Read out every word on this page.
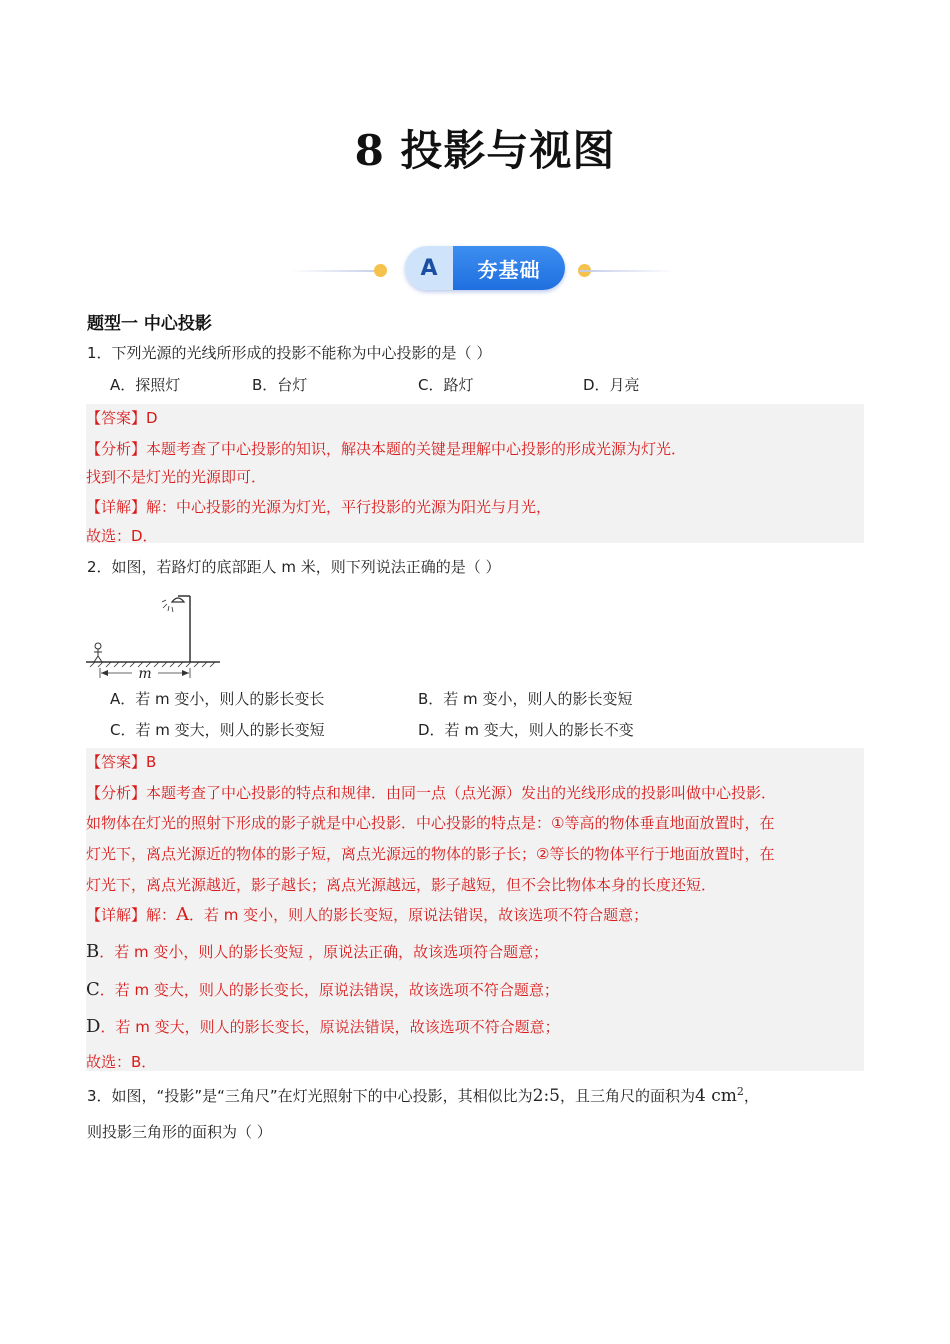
8 投影与视图
A	夯基础
题型一 中心投影
1．下列光源的光线所形成的投影不能称为中心投影的是（ ）
A．探照灯	B．台灯	C．路灯	D．月亮
【答案】D
【分析】本题考查了中心投影的知识，解决本题的关键是理解中心投影的形成光源为灯光．
找到不是灯光的光源即可．
【详解】解：中心投影的光源为灯光，平行投影的光源为阳光与月光，
故选：D．
2．如图，若路灯的底部距人 m 米，则下列说法正确的是（ ）
m
A．若 m 变小，则人的影长变长	B．若 m 变小，则人的影长变短
C．若 m 变大，则人的影长变短	D．若 m 变大，则人的影长不变
【答案】B
【分析】本题考查了中心投影的特点和规律．由同一点（点光源）发出的光线形成的投影叫做中心投影．
如物体在灯光的照射下形成的影子就是中心投影．中心投影的特点是：①等高的物体垂直地面放置时，在
灯光下，离点光源近的物体的影子短，离点光源远的物体的影子长；②等长的物体平行于地面放置时，在
灯光下，离点光源越近，影子越长；离点光源越远，影子越短，但不会比物体本身的长度还短．
【详解】解：A．若 m 变小，则人的影长变短，原说法错误，故该选项不符合题意；
B．若 m 变小，则人的影长变短 ，原说法正确，故该选项符合题意；
C．若 m 变大，则人的影长变长，原说法错误，故该选项不符合题意；
D．若 m 变大，则人的影长变长，原说法错误，故该选项不符合题意；
故选：B．
3．如图，“投影”是“三角尺”在灯光照射下的中心投影，其相似比为2:5，且三角尺的面积为4 $cm^2$，
则投影三角形的面积为（ ）
